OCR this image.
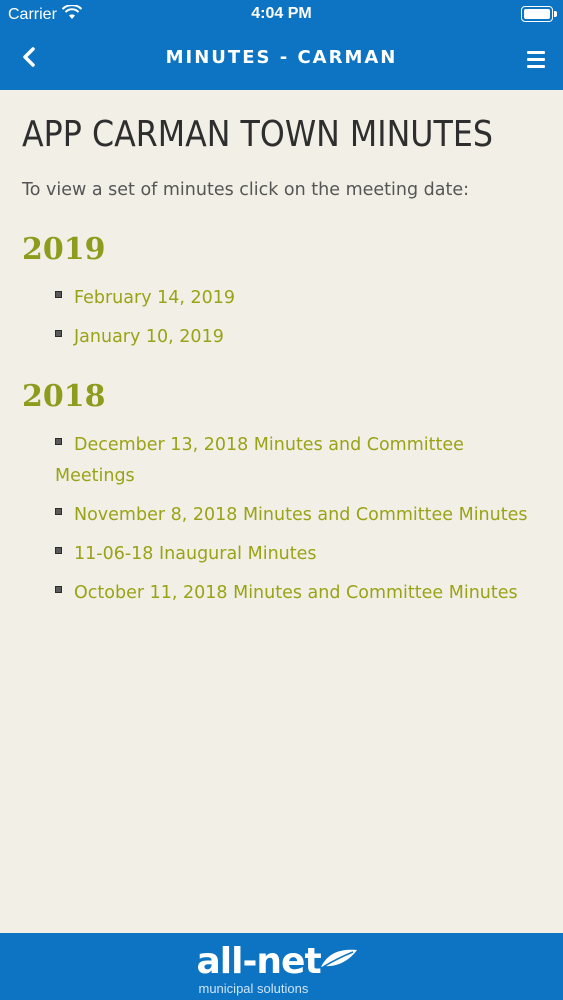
Carrier	4:04 PM
MINUTES - CARMAN
APP CARMAN TOWN MINUTES

To view a set of minutes click on the meeting date:

2019
February 14, 2019
January 10, 2019
2018
December 13, 2018 Minutes and Committee Meetings
November 8, 2018 Minutes and Committee Minutes
11-06-18 Inaugural Minutes
October 11, 2018 Minutes and Committee Minutes
all-net
municipal solutions
